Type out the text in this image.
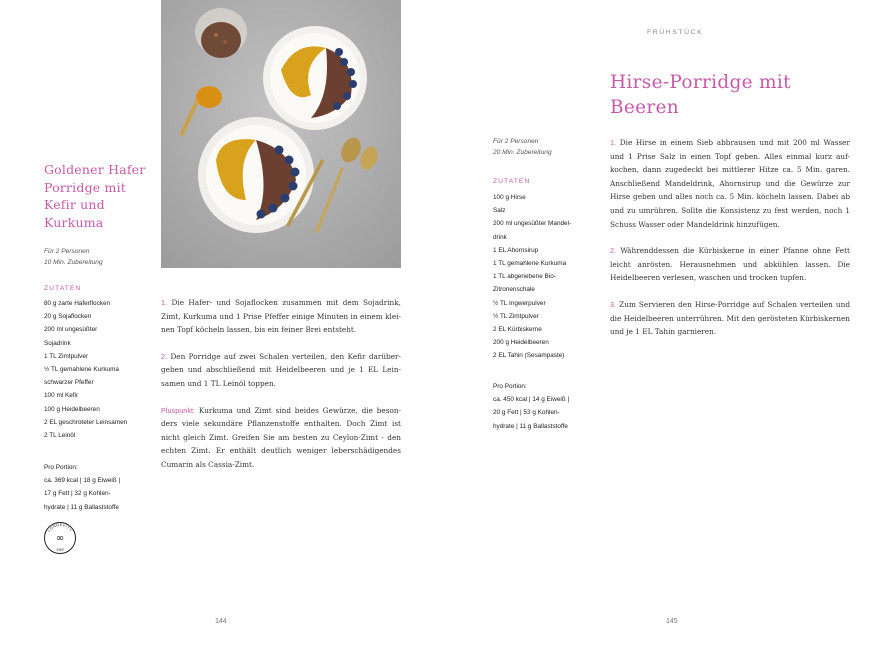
Goldener Hafer Porridge mit Kefir und Kurkuma
Für 2 Personen
10 Min. Zubereitung
ZUTATEN
80 g zarte Haferflocken
20 g Sojaflocken
200 ml ungesüßter
Sojadrink
1 TL Zimtpulver
½ TL gemahlene Kurkuma
schwarzer Pfeffer
100 ml Kefir
100 g Heidelbeeren
2 EL geschroteter Leinsamen
2 TL Leinöl
Pro Portion:
ca. 369 kcal | 18 g Eiweiß |
17 g Fett | 32 g Kohlen-
hydrate | 11 g Ballaststoffe
LONGEVITY
∞
STAR

1. Die Hafer- und Sojaflocken zusammen mit dem Sojadrink, Zimt, Kurkuma und 1 Prise Pfeffer einige Minuten in einem klei-nen Topf köcheln lassen, bis ein feiner Brei entsteht.

2. Den Porridge auf zwei Schalen verteilen, den Kefir darüber-geben und abschließend mit Heidelbeeren und je 1 EL Lein-samen und 1 TL Leinöl toppen.

Pluspunkt: Kurkuma und Zimt sind beides Gewürze, die beson-ders viele sekundäre Pflanzenstoffe enthalten. Doch Zimt ist nicht gleich Zimt. Greifen Sie am besten zu Ceylon-Zimt - den echten Zimt. Er enthält deutlich weniger leberschädigendes Cumarin als Cassia-Zimt.

144
FRÜHSTÜCK
Hirse-Porridge mit Beeren
Für 2 Personen
20 Min. Zubereitung
ZUTATEN
100 g Hirse
Salz
200 ml ungesüßter Mandel-
drink
1 EL Ahornsirup
1 TL gemahlene Kurkuma
1 TL abgeriebene Bio-
Zitronenschale
½ TL Ingwerpulver
½ TL Zimtpulver
2 EL Kürbiskerne
200 g Heidelbeeren
2 EL Tahin (Sesampaste)
Pro Portion:
ca. 450 kcal | 14 g Eiweiß |
20 g Fett | 53 g Kohlen-
hydrate | 11 g Ballaststoffe

1. Die Hirse in einem Sieb abbrausen und mit 200 ml Wasser und 1 Prise Salz in einen Topf geben. Alles einmal kurz auf-kochen, dann zugedeckt bei mittlerer Hitze ca. 5 Min. garen. Anschließend Mandeldrink, Ahornsirup und die Gewürze zur Hirse geben und alles noch ca. 5 Min. köcheln lassen. Dabei ab und zu umrühren. Sollte die Konsistenz zu fest werden, noch 1 Schuss Wasser oder Mandeldrink hinzufügen.

2. Währenddessen die Kürbiskerne in einer Pfanne ohne Fett leicht anrösten. Herausnehmen und abkühlen lassen. Die Heidelbeeren verlesen, waschen und trocken tupfen.

3. Zum Servieren den Hirse-Porridge auf Schalen verteilen und die Heidelbeeren unterrühren. Mit den gerösteten Kürbiskernen und je 1 EL Tahin garnieren.

145
